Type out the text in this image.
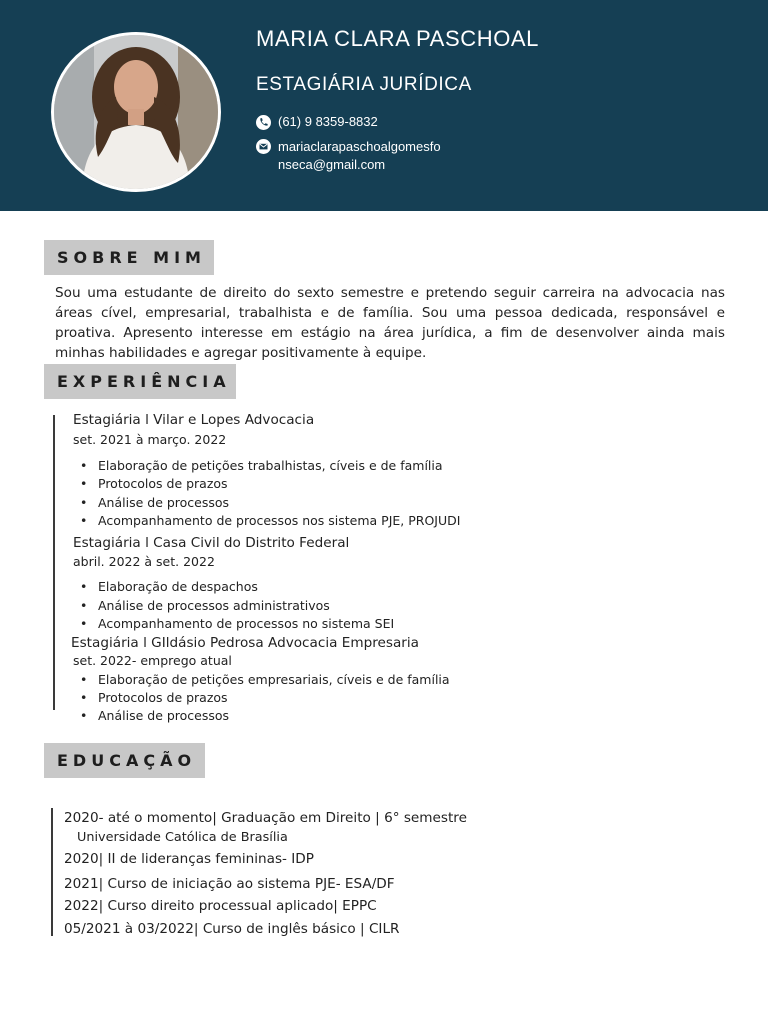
MARIA CLARA PASCHOAL
ESTAGIÁRIA JURÍDICA
(61) 9 8359-8832
mariaclarapaschoalgomesfo
nseca@gmail.com
SOBRE MIM

Sou uma estudante de direito do sexto semestre e pretendo seguir carreira na advocacia nas áreas cível, empresarial, trabalhista e de família. Sou uma pessoa dedicada, responsável e proativa. Apresento interesse em estágio na área jurídica, a fim de desenvolver ainda mais minhas habilidades e agregar positivamente à equipe.

EXPERIÊNCIA
Estagiária l Vilar e Lopes Advocacia
set. 2021 à março. 2022
• Elaboração de petições trabalhistas, cíveis e de família
• Protocolos de prazos
• Análise de processos
• Acompanhamento de processos nos sistema PJE, PROJUDI
Estagiária l Casa Civil do Distrito Federal
abril. 2022 à set. 2022
• Elaboração de despachos
• Análise de processos administrativos
• Acompanhamento de processos no sistema SEI
Estagiária l GIldásio Pedrosa Advocacia Empresaria
set. 2022- emprego atual
• Elaboração de petições empresariais, cíveis e de família
• Protocolos de prazos
• Análise de processos
EDUCAÇÃO
2020- até o momento| Graduação em Direito | 6° semestre
Universidade Católica de Brasília
2020| II de lideranças femininas- IDP
2021| Curso de iniciação ao sistema PJE- ESA/DF
2022| Curso direito processual aplicado| EPPC
05/2021 à 03/2022| Curso de inglês básico | CILR
